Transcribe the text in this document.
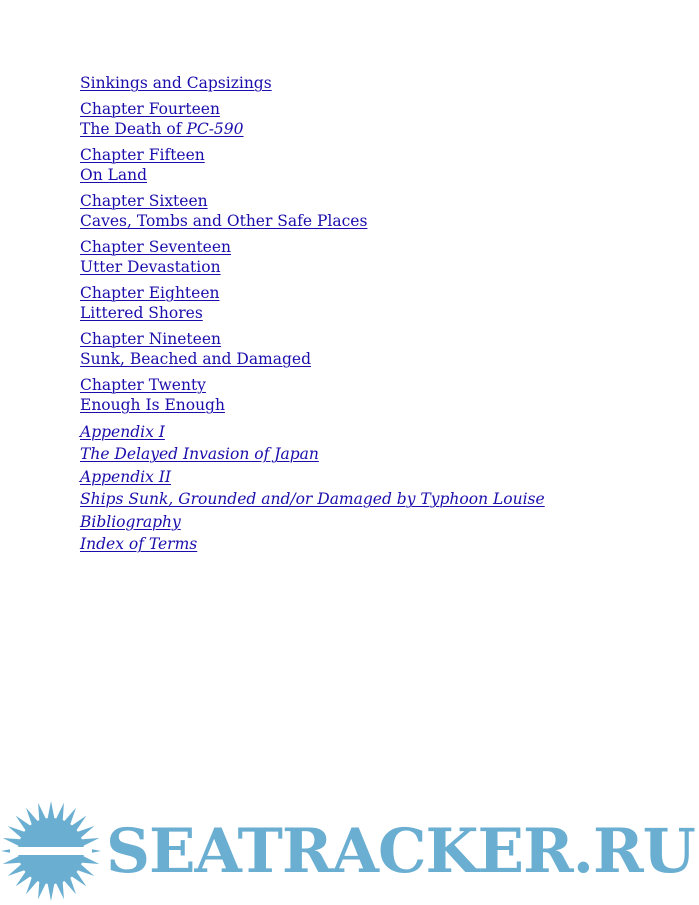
Sinkings and Capsizings
Chapter Fourteen
The Death of PC-590
Chapter Fifteen
On Land
Chapter Sixteen
Caves, Tombs and Other Safe Places
Chapter Seventeen
Utter Devastation
Chapter Eighteen
Littered Shores
Chapter Nineteen
Sunk, Beached and Damaged
Chapter Twenty
Enough Is Enough
Appendix I
The Delayed Invasion of Japan
Appendix II
Ships Sunk, Grounded and/or Damaged by Typhoon Louise
Bibliography
Index of Terms
SEATRACKER.RU
